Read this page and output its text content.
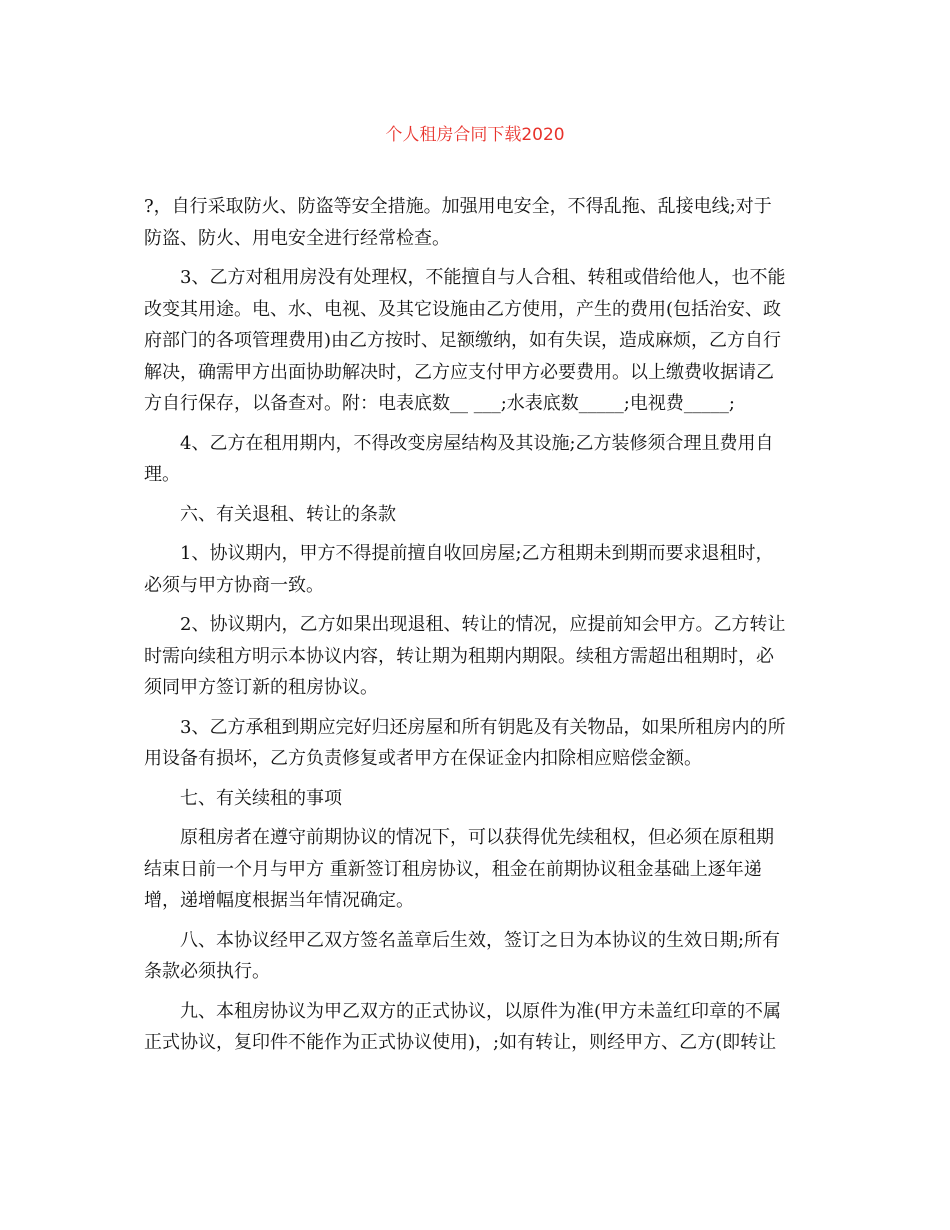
个人租房合同下载2020

?，自行采取防火、防盗等安全措施。加强用电安全，不得乱拖、乱接电线;对于
防盗、防火、用电安全进行经常检查。

3、乙方对租用房没有处理权，不能擅自与人合租、转租或借给他人，也不能
改变其用途。电、水、电视、及其它设施由乙方使用，产生的费用(包括治安、政
府部门的各项管理费用)由乙方按时、足额缴纳，如有失误，造成麻烦，乙方自行
解决，确需甲方出面协助解决时，乙方应支付甲方必要费用。以上缴费收据请乙
方自行保存，以备查对。附：电表底数__ ___;水表底数_____;电视费_____;

4、乙方在租用期内，不得改变房屋结构及其设施;乙方装修须合理且费用自
理。

六、有关退租、转让的条款

1、协议期内，甲方不得提前擅自收回房屋;乙方租期未到期而要求退租时，
必须与甲方协商一致。

2、协议期内，乙方如果出现退租、转让的情况，应提前知会甲方。乙方转让
时需向续租方明示本协议内容，转让期为租期内期限。续租方需超出租期时，必
须同甲方签订新的租房协议。

3、乙方承租到期应完好归还房屋和所有钥匙及有关物品，如果所租房内的所
用设备有损坏，乙方负责修复或者甲方在保证金内扣除相应赔偿金额。

七、有关续租的事项

原租房者在遵守前期协议的情况下，可以获得优先续租权，但必须在原租期
结束日前一个月与甲方 重新签订租房协议，租金在前期协议租金基础上逐年递
增，递增幅度根据当年情况确定。

八、本协议经甲乙双方签名盖章后生效，签订之日为本协议的生效日期;所有
条款必须执行。

九、本租房协议为甲乙双方的正式协议，以原件为准(甲方未盖红印章的不属
正式协议，复印件不能作为正式协议使用)，;如有转让，则经甲方、乙方(即转让
